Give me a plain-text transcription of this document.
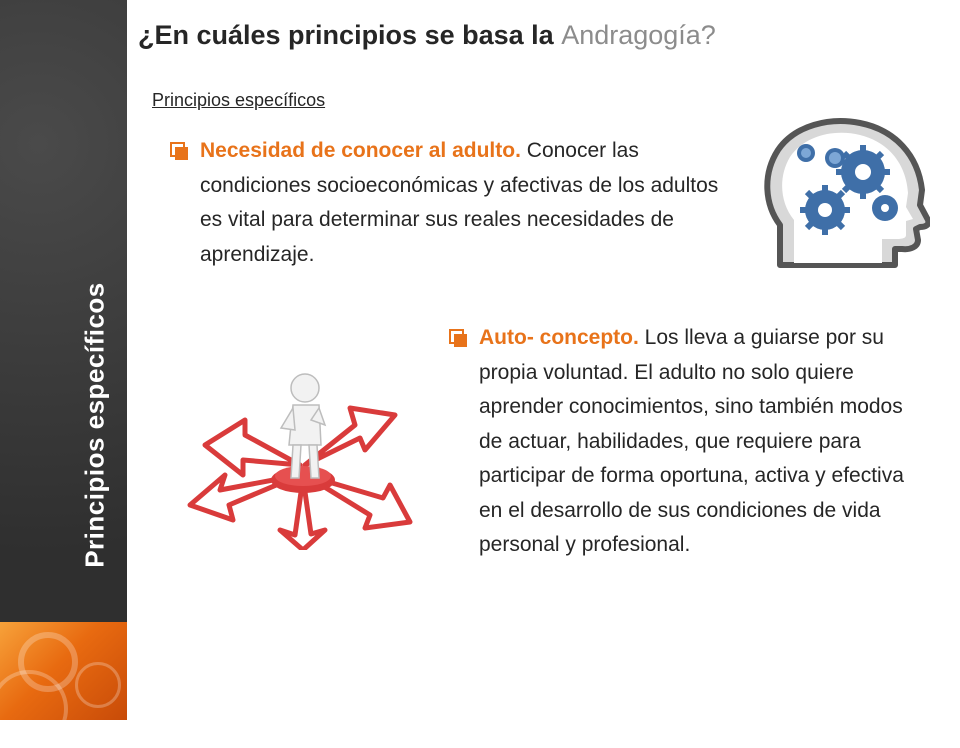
Principios específicos
¿En cuáles principios se basa la Andragogía?
Principios específicos
Necesidad de conocer al adulto. Conocer las condiciones socioeconómicas y afectivas de los adultos es vital para determinar sus reales necesidades de aprendizaje.
Auto- concepto. Los lleva a guiarse por su propia voluntad. El adulto no solo quiere aprender conocimientos, sino también modos de actuar, habilidades, que requiere para participar de forma oportuna, activa y efectiva en el desarrollo de sus condiciones de vida personal y profesional.
